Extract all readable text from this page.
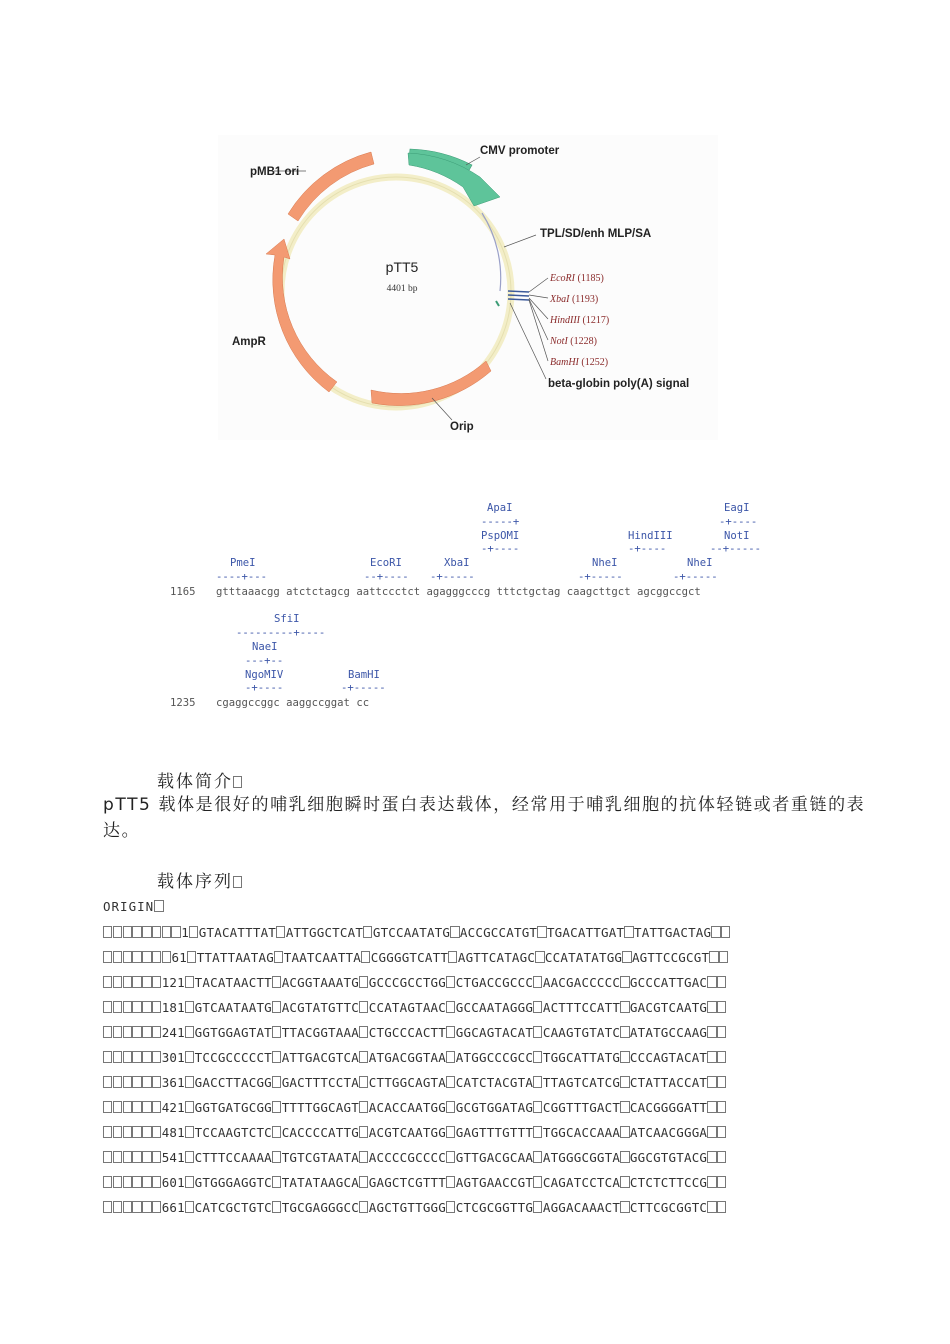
pMB1 ori
CMV promoter
TPL/SD/enh MLP/SA
AmpR
Orip
beta-globin poly(A) signal
pTT5
4401 bp
EcoRI (1185)
XbaI (1193)
HindIII (1217)
NotI (1228)
BamHI (1252)
ApaI
-----+
PspOMI
-+----
EagI
-+----
NotI
--+-----
HindIII
-+----
PmeI
----+---
EcoRI
--+----
XbaI
-+-----
NheI
-+-----
NheI
-+-----
1165 gtttaaacgg atctctagcg aattccctct agagggcccg tttctgctag caagcttgct agcggccgct
SfiI
---------+----
NaeI
---+--
NgoMIV
-+----
BamHI
-+-----
1235 cgaggccggc aaggccggat cc
载体简介

pTT5 载体是很好的哺乳细胞瞬时蛋白表达载体，经常用于哺乳细胞的抗体轻链或者重链的表达。

载体序列
ORIGIN
1 GTACATTTAT ATTGGCTCAT GTCCAATATG ACCGCCATGT TGACATTGAT TATTGACTAG
61 TTATTAATAG TAATCAATTA CGGGGTCATT AGTTCATAGC CCATATATGG AGTTCCGCGT
121 TACATAACTT ACGGTAAATG GCCCGCCTGG CTGACCGCCC AACGACCCCC GCCCATTGAC
181 GTCAATAATG ACGTATGTTC CCATAGTAAC GCCAATAGGG ACTTTCCATT GACGTCAATG
241 GGTGGAGTAT TTACGGTAAA CTGCCCACTT GGCAGTACAT CAAGTGTATC ATATGCCAAG
301 TCCGCCCCCT ATTGACGTCA ATGACGGTAA ATGGCCCGCC TGGCATTATG CCCAGTACAT
361 GACCTTACGG GACTTTCCTA CTTGGCAGTA CATCTACGTA TTAGTCATCG CTATTACCAT
421 GGTGATGCGG TTTTGGCAGT ACACCAATGG GCGTGGATAG CGGTTTGACT CACGGGGATT
481 TCCAAGTCTC CACCCCATTG ACGTCAATGG GAGTTTGTTT TGGCACCAAA ATCAACGGGA
541 CTTTCCAAAA TGTCGTAATA ACCCCGCCCC GTTGACGCAA ATGGGCGGTA GGCGTGTACG
601 GTGGGAGGTC TATATAAGCA GAGCTCGTTT AGTGAACCGT CAGATCCTCA CTCTCTTCCG
661 CATCGCTGTC TGCGAGGGCC AGCTGTTGGG CTCGCGGTTG AGGACAAACT CTTCGCGGTC
